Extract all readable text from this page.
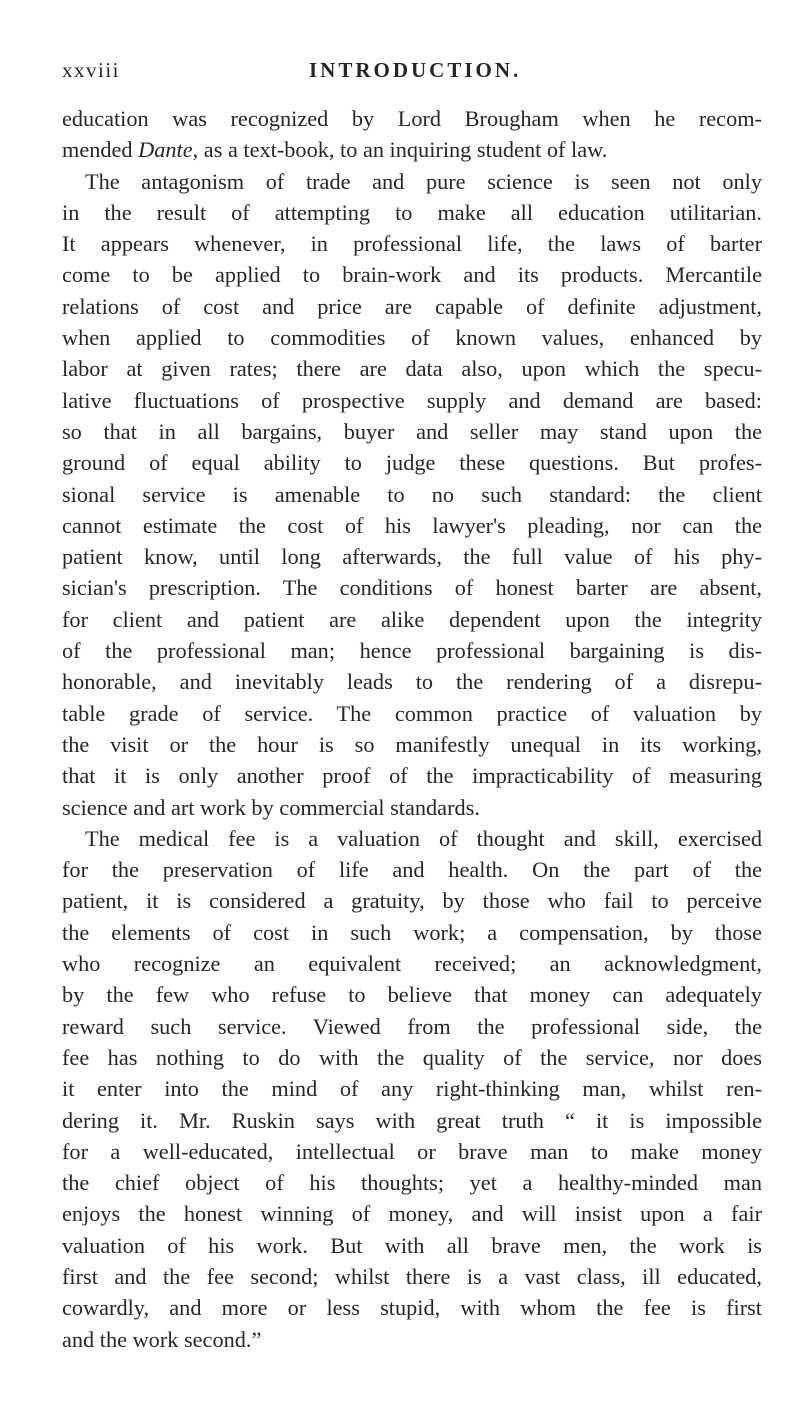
xxviii	INTRODUCTION.
education was recognized by Lord Brougham when he recom-
mended Dante, as a text-book, to an inquiring student of law.
The antagonism of trade and pure science is seen not only
in the result of attempting to make all education utilitarian.
It appears whenever, in professional life, the laws of barter
come to be applied to brain-work and its products. Mercantile
relations of cost and price are capable of definite adjustment,
when applied to commodities of known values, enhanced by
labor at given rates; there are data also, upon which the specu-
lative fluctuations of prospective supply and demand are based:
so that in all bargains, buyer and seller may stand upon the
ground of equal ability to judge these questions. But profes-
sional service is amenable to no such standard: the client
cannot estimate the cost of his lawyer's pleading, nor can the
patient know, until long afterwards, the full value of his phy-
sician's prescription. The conditions of honest barter are absent,
for client and patient are alike dependent upon the integrity
of the professional man; hence professional bargaining is dis-
honorable, and inevitably leads to the rendering of a disrepu-
table grade of service. The common practice of valuation by
the visit or the hour is so manifestly unequal in its working,
that it is only another proof of the impracticability of measuring
science and art work by commercial standards.
The medical fee is a valuation of thought and skill, exercised
for the preservation of life and health. On the part of the
patient, it is considered a gratuity, by those who fail to perceive
the elements of cost in such work; a compensation, by those
who recognize an equivalent received; an acknowledgment,
by the few who refuse to believe that money can adequately
reward such service. Viewed from the professional side, the
fee has nothing to do with the quality of the service, nor does
it enter into the mind of any right-thinking man, whilst ren-
dering it. Mr. Ruskin says with great truth “ it is impossible
for a well-educated, intellectual or brave man to make money
the chief object of his thoughts; yet a healthy-minded man
enjoys the honest winning of money, and will insist upon a fair
valuation of his work. But with all brave men, the work is
first and the fee second; whilst there is a vast class, ill educated,
cowardly, and more or less stupid, with whom the fee is first
and the work second.”
